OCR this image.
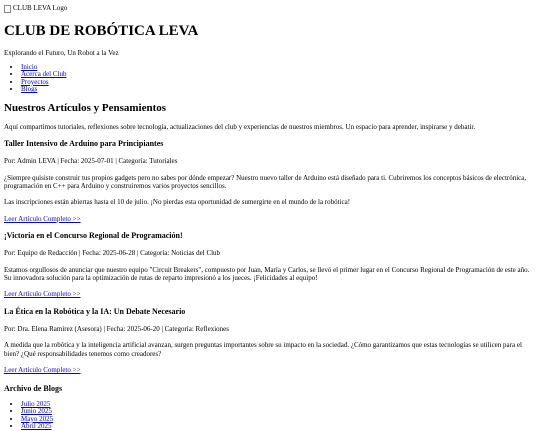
CLUB LEVA Logo
CLUB DE ROBÓTICA LEVA

Explorando el Futuro, Un Robot a la Vez

• Inicio
• Acerca del Club
• Proyectos
• Blogs
Nuestros Artículos y Pensamientos

Aquí compartimos tutoriales, reflexiones sobre tecnología, actualizaciones del club y experiencias de nuestros miembros. Un espacio para aprender, inspirarse y debatir.

Taller Intensivo de Arduino para Principiantes

Por: Admin LEVA | Fecha: 2025-07-01 | Categoría: Tutoriales

¿Siempre quisiste construir tus propios gadgets pero no sabes por dónde empezar? Nuestro nuevo taller de Arduino está diseñado para ti. Cubriremos los conceptos básicos de electrónica, programación en C++ para Arduino y construiremos varios proyectos sencillos.

Las inscripciones están abiertas hasta el 10 de julio. ¡No pierdas esta oportunidad de sumergirte en el mundo de la robótica!

Leer Artículo Completo >>
¡Victoria en el Concurso Regional de Programación!

Por: Equipo de Redacción | Fecha: 2025-06-28 | Categoría: Noticias del Club

Estamos orgullosos de anunciar que nuestro equipo "Circuit Breakers", compuesto por Juan, María y Carlos, se llevó el primer lugar en el Concurso Regional de Programación de este año. Su innovadora solución para la optimización de rutas de reparto impresionó a los jueces. ¡Felicidades al equipo!

Leer Artículo Completo >>
La Ética en la Robótica y la IA: Un Debate Necesario

Por: Dra. Elena Ramírez (Asesora) | Fecha: 2025-06-20 | Categoría: Reflexiones

A medida que la robótica y la inteligencia artificial avanzan, surgen preguntas importantes sobre su impacto en la sociedad. ¿Cómo garantizamos que estas tecnologías se utilicen para el bien? ¿Qué responsabilidades tenemos como creadores?

Leer Artículo Completo >>
Archivo de Blogs
• Julio 2025
• Junio 2025
• Mayo 2025
• Abril 2025
